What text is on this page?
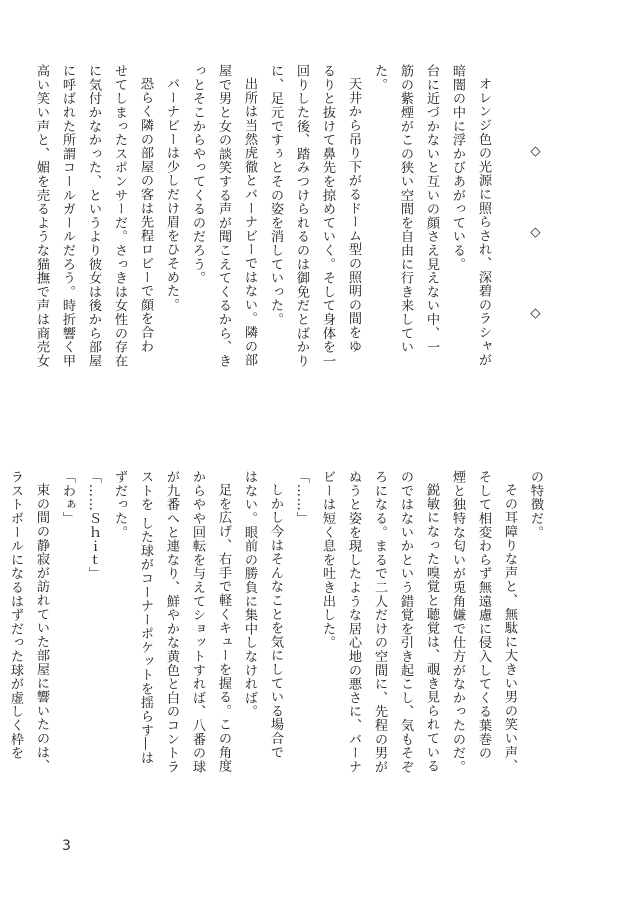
◇　　　　　◇　　　　　◇

オレンジ色の光源に照らされ、深碧のラシャが

暗闇の中に浮かびあがっている。

台に近づかないと互いの顔さえ見えない中、一

筋の紫煙がこの狭い空間を自由に行き来してい

た。

天井から吊り下がるドーム型の照明の間をゆ

るりと抜けて鼻先を掠めていく。そして身体を一

回りした後、踏みつけられるのは御免だとばかり

に、足元ですぅとその姿を消していった。

出所は当然虎徹とバーナビーではない。隣の部

屋で男と女の談笑する声が聞こえてくるから、き

っとそこからやってくるのだろう。

バーナビーは少しだけ眉をひそめた。

恐らく隣の部屋の客は先程ロビーで顔を合わ

せてしまったスポンサーだ。さっきは女性の存在

に気付かなかった、というより彼女は後から部屋

に呼ばれた所謂コールガールだろう。時折響く甲

高い笑い声と、媚を売るような猫撫で声は商売女

の特徴だ。

その耳障りな声と、無駄に大きい男の笑い声、

そして相変わらず無遠慮に侵入してくる葉巻の

煙と独特な匂いが兎角嫌で仕方がなかったのだ。

鋭敏になった嗅覚と聴覚は、覗き見られている

のではないかという錯覚を引き起こし、気もそぞ

ろになる。まるで二人だけの空間に、先程の男が

ぬうと姿を現したような居心地の悪さに、バーナ

ビーは短く息を吐き出した。

「……」

しかし今はそんなことを気にしている場合で

はない。眼前の勝負に集中しなければ。

足を広げ、右手で軽くキューを握る。この角度

からやや回転を与えてショットすれば、八番の球

が九番へと連なり、鮮やかな黄色と白のコントラ

ストを した球がコーナーポケットを揺らす―は

ずだった。

「……Ｓｈｉｔ」

「わぁ」

束の間の静寂が訪れていた部屋に響いたのは、

ラストボールになるはずだった球が虚しく枠を

3
